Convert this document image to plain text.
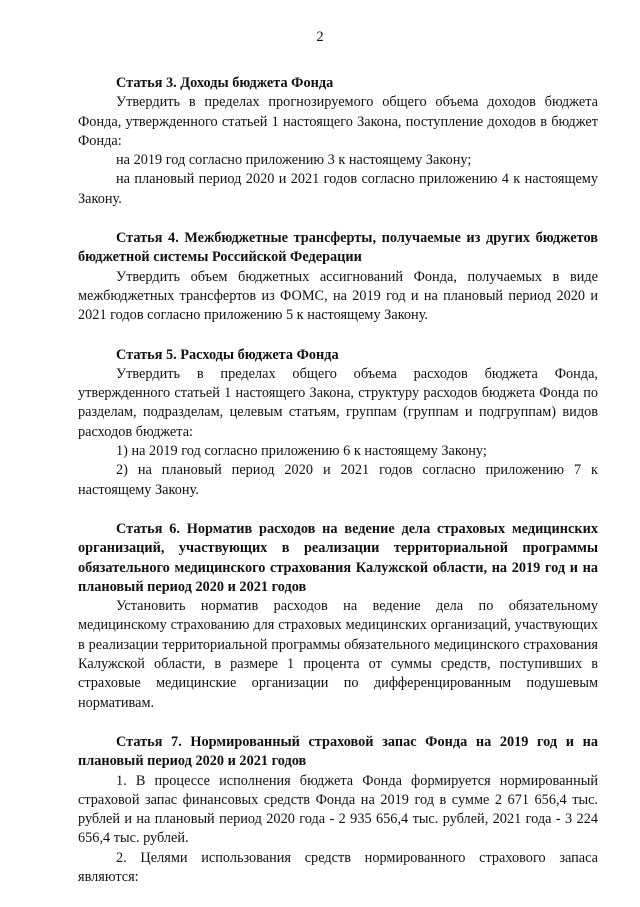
2
Статья 3. Доходы бюджета Фонда

Утвердить в пределах прогнозируемого общего объема доходов бюджета Фонда, утвержденного статьей 1 настоящего Закона, поступление доходов в бюджет Фонда:

на 2019 год согласно приложению 3 к настоящему Закону;

на плановый период 2020 и 2021 годов согласно приложению 4 к настоящему Закону.

Статья 4. Межбюджетные трансферты, получаемые из других бюджетов бюджетной системы Российской Федерации

Утвердить объем бюджетных ассигнований Фонда, получаемых в виде межбюджетных трансфертов из ФОМС, на 2019 год и на плановый период 2020 и 2021 годов согласно приложению 5 к настоящему Закону.

Статья 5. Расходы бюджета Фонда

Утвердить в пределах общего объема расходов бюджета Фонда, утвержденного статьей 1 настоящего Закона, структуру расходов бюджета Фонда по разделам, подразделам, целевым статьям, группам (группам и подгруппам) видов расходов бюджета:

1) на 2019 год согласно приложению 6 к настоящему Закону;

2) на плановый период 2020 и 2021 годов согласно приложению 7 к настоящему Закону.

Статья 6. Норматив расходов на ведение дела страховых медицинских организаций, участвующих в реализации территориальной программы обязательного медицинского страхования Калужской области, на 2019 год и на плановый период 2020 и 2021 годов

Установить норматив расходов на ведение дела по обязательному медицинскому страхованию для страховых медицинских организаций, участвующих в реализации территориальной программы обязательного медицинского страхования Калужской области, в размере 1 процента от суммы средств, поступивших в страховые медицинские организации по дифференцированным подушевым нормативам.

Статья 7. Нормированный страховой запас Фонда на 2019 год и на плановый период 2020 и 2021 годов

1. В процессе исполнения бюджета Фонда формируется нормированный страховой запас финансовых средств Фонда на 2019 год в сумме 2 671 656,4 тыс. рублей и на плановый период 2020 года - 2 935 656,4 тыс. рублей, 2021 года - 3 224 656,4 тыс. рублей.

2. Целями использования средств нормированного страхового запаса являются:
